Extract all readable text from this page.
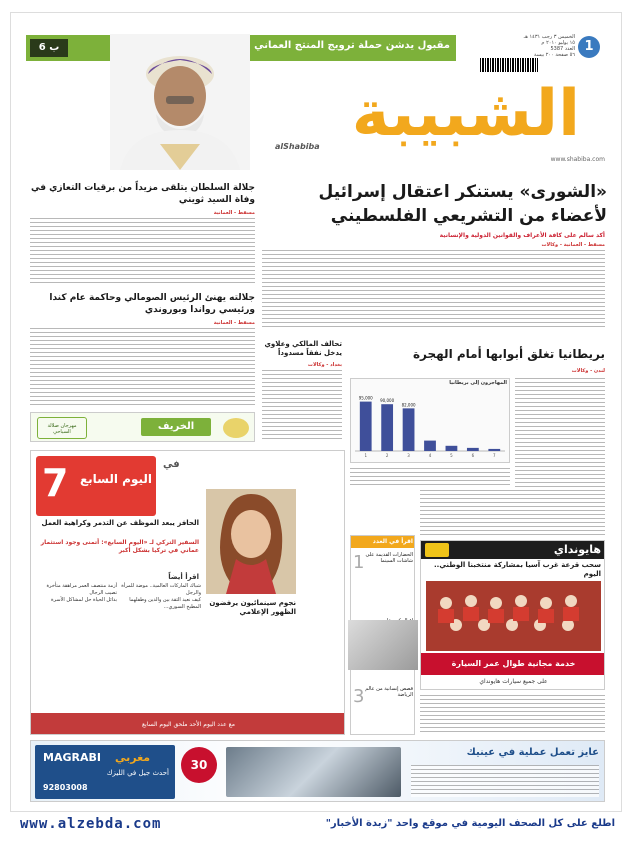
1
الخميس ٣ رجب ١٤٣١ هـ
١٥ يوليو ٢٠١٠ م
العدد 5387
٥٦ صفحة ٢٠٠ بيسة
6 ب	مقبول يدشن حملة ترويج المنتج العماني
الشبيبة
alShabiba
www.shabiba.com
«الشورى» يستنكر اعتقال إسرائيل
لأعضاء من التشريعي الفلسطيني
أكد سالم على كافة الأعراف والقوانين الدولية والإنسانية
مسقط - العمانية - وكالات
جلالة السلطان يتلقى مزيداً من برقيات التعازي في وفاة السيد ثويني
مسقط - العمانية
جلالته يهنئ الرئيس الصومالي وحاكمة عام كندا ورئيسي رواندا وبوروندي
مسقط - العمانية
مهرجان صلالة السياحي	الخريف
تحالف المالكي وعلاوي يدخل نفقاً مسدوداً
بغداد - وكالات
بريطانيا تغلق أبوابها أمام الهجرة
لندن - وكالات
المهاجرون إلى بريطانيا
95,000
1
90,000
2
82,000
3	4	5	6	7
7 اليوم السابع
في
الحافز يبعد الموظف عن التذمر وكراهية العمل
السفير التركي لـ «اليوم السابع»: أتمنى وجود استثمار عماني في تركيا بشكل أكبر
اقرأ أيضاً
شباك الماركات العالمية.. موضة للمرأة والرجل
كيف نعيد الثقة بين والدين وطفلهما
المطبخ السوري...
أزمة منتصف العمر مراهقة متأخرة تصيب الرجال
بدائل الحياة حل لمشاكل الأسرة	نجوم سينمائيون يرفضون الظهور الإعلامي
مع عدد اليوم الأحد ملحق اليوم السابع
اقرأ في العدد
1 الحضارات القديمة على شاشات السينما
3 قصص إنسانية من عالم الرياضة
هايونداي
سحب قرعة غرب آسيا بمشاركة منتخبنا الوطني.. اليوم
خدمة مجانية طوال عمر السيارة
على جميع سيارات هايونداي
MAGRABI مغربي
أحدث جيل في الليزك
92803008
30
عايز تعمل عملية في عينيك
www.alzebda.com	اطلع على كل الصحف اليومية في موقع واحد "زبدة الأخبار"
